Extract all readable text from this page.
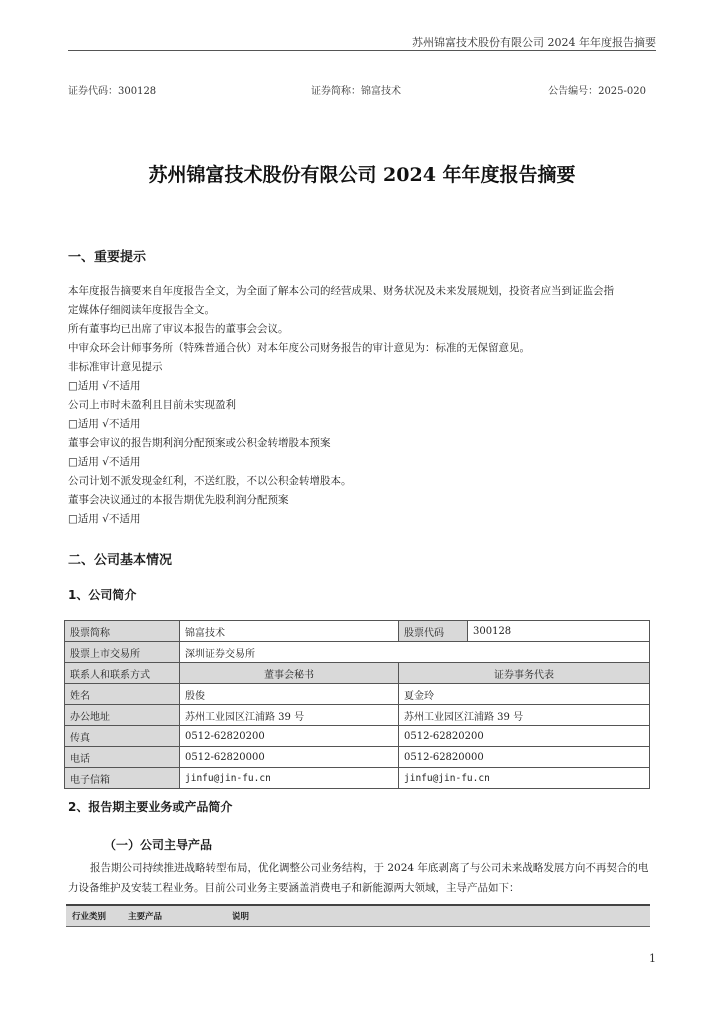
苏州锦富技术股份有限公司 2024 年年度报告摘要
证券代码：300128	证券简称：锦富技术	公告编号：2025-020
苏州锦富技术股份有限公司 2024 年年度报告摘要
一、重要提示

本年度报告摘要来自年度报告全文，为全面了解本公司的经营成果、财务状况及未来发展规划，投资者应当到证监会指

定媒体仔细阅读年度报告全文。

所有董事均已出席了审议本报告的董事会会议。

中审众环会计师事务所（特殊普通合伙）对本年度公司财务报告的审计意见为：标准的无保留意见。

非标准审计意见提示

□适用 √不适用

公司上市时未盈利且目前未实现盈利

□适用 √不适用

董事会审议的报告期利润分配预案或公积金转增股本预案

□适用 √不适用

公司计划不派发现金红利，不送红股，不以公积金转增股本。

董事会决议通过的本报告期优先股利润分配预案

□适用 √不适用

二、公司基本情况
1、公司简介
股票简称	锦富技术	股票代码	300128
股票上市交易所	深圳证券交易所		
联系人和联系方式	董事会秘书	证券事务代表	
姓名	殷俊	夏金玲	
办公地址	苏州工业园区江浦路 39 号	苏州工业园区江浦路 39 号	
传真	0512-62820200	0512-62820200	
电话	0512-62820000	0512-62820000	
电子信箱	jinfu@jin-fu.cn	jinfu@jin-fu.cn	
2、报告期主要业务或产品简介
（一）公司主导产品
报告期公司持续推进战略转型布局，优化调整公司业务结构，于 2024 年底剥离了与公司未来战略发展方向不再契合的电力设备维护及安装工程业务。目前公司业务主要涵盖消费电子和新能源两大领域，主导产品如下：
行业类别	主要产品	说明
1
